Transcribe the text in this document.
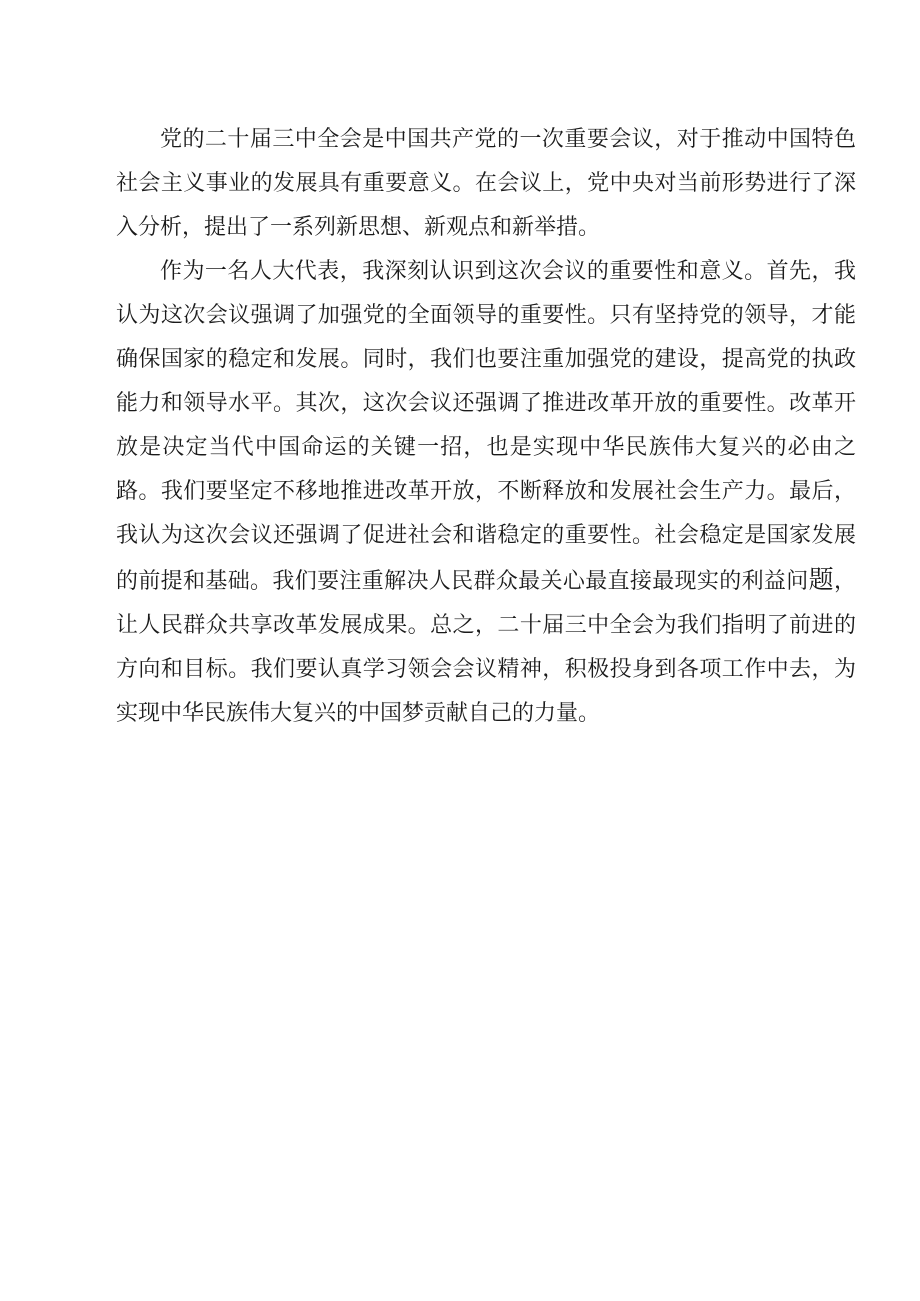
党的二十届三中全会是中国共产党的一次重要会议，对于推动中国特色社会主义事业的发展具有重要意义。在会议上，党中央对当前形势进行了深入分析，提出了一系列新思想、新观点和新举措。

作为一名人大代表，我深刻认识到这次会议的重要性和意义。首先，我认为这次会议强调了加强党的全面领导的重要性。只有坚持党的领导，才能确保国家的稳定和发展。同时，我们也要注重加强党的建设，提高党的执政能力和领导水平。其次，这次会议还强调了推进改革开放的重要性。改革开放是决定当代中国命运的关键一招，也是实现中华民族伟大复兴的必由之路。我们要坚定不移地推进改革开放，不断释放和发展社会生产力。最后，我认为这次会议还强调了促进社会和谐稳定的重要性。社会稳定是国家发展的前提和基础。我们要注重解决人民群众最关心最直接最现实的利益问题，让人民群众共享改革发展成果。总之，二十届三中全会为我们指明了前进的方向和目标。我们要认真学习领会会议精神，积极投身到各项工作中去，为实现中华民族伟大复兴的中国梦贡献自己的力量。
